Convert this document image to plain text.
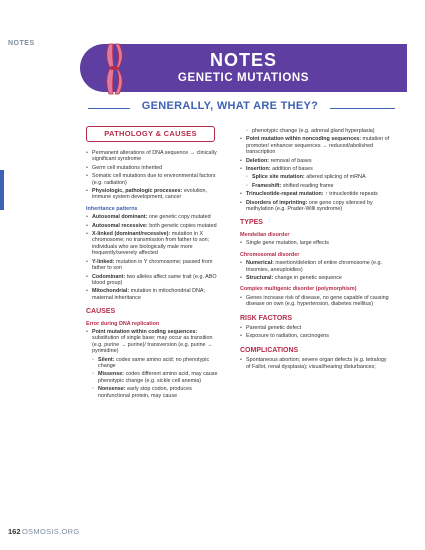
NOTES
NOTES
GENETIC MUTATIONS
GENERALLY, WHAT ARE THEY?
PATHOLOGY & CAUSES
• Permanent alterations of DNA sequence → clinically significant syndrome
• Germ cell mutations inherited
• Somatic cell mutations due to environmental factors (e.g. radiation)
• Physiologic, pathologic processes: evolution, immune system development, cancer
Inheritance patterns
• Autosomal dominant: one genetic copy mutated
• Autosomal recessive: both genetic copies mutated
• X-linked (dominant/recessive): mutation in X chromosome; no transmission from father to son; individuals who are biologically male more frequently/severely affected
• Y-linked: mutation in Y chromosome; passed from father to son
• Codominant: two alleles affect same trait (e.g. ABO blood group)
• Mitochondrial: mutation in mitochondrial DNA; maternal inheritance
CAUSES
Error during DNA replication
• Point mutation within coding sequences: substitution of single base; may occur as transition (e.g. purine → purine)/ transversion (e.g. purine → pyrimidine)
◦ Silent: codes same amino acid; no phenotypic change
◦ Missense: codes different amino acid, may cause phenotypic change (e.g. sickle cell anemia)
◦ Nonsense: early stop codon, produces nonfunctional protein, may cause
◦ phenotypic change (e.g. adrenal gland hyperplasia)
• Point mutation within noncoding sequences: mutation of promoter/ enhancer sequences → reduced/abolished transcription
• Deletion: removal of bases
• Insertion: addition of bases
◦ Splice site mutation: altered splicing of mRNA
◦ Frameshift: shifted reading frame
• Trinucleotide-repeat mutation: ↑ trinucleotide repeats
• Disorders of imprinting: one gene copy silenced by methylation (e.g. Prader-Willi syndrome)
TYPES
Mendelian disorder
• Single gene mutation, large effects
Chromosomal disorder
• Numerical: insertion/deletion of entire chromosome (e.g. trisomies, aneuploidies)
• Structural: change in genetic sequence
Complex multigenic disorder (polymorphism)
• Genes increase risk of disease, no gene capable of causing disease on own (e.g. hypertension, diabetes mellitus)
RISK FACTORS
• Parental genetic defect
• Exposure to radiation, carcinogens
COMPLICATIONS
• Spontaneous abortion; severe organ defects (e.g. tetralogy of Fallot, renal dysplasia); visual/hearing disturbances;
162 OSMOSIS.ORG
